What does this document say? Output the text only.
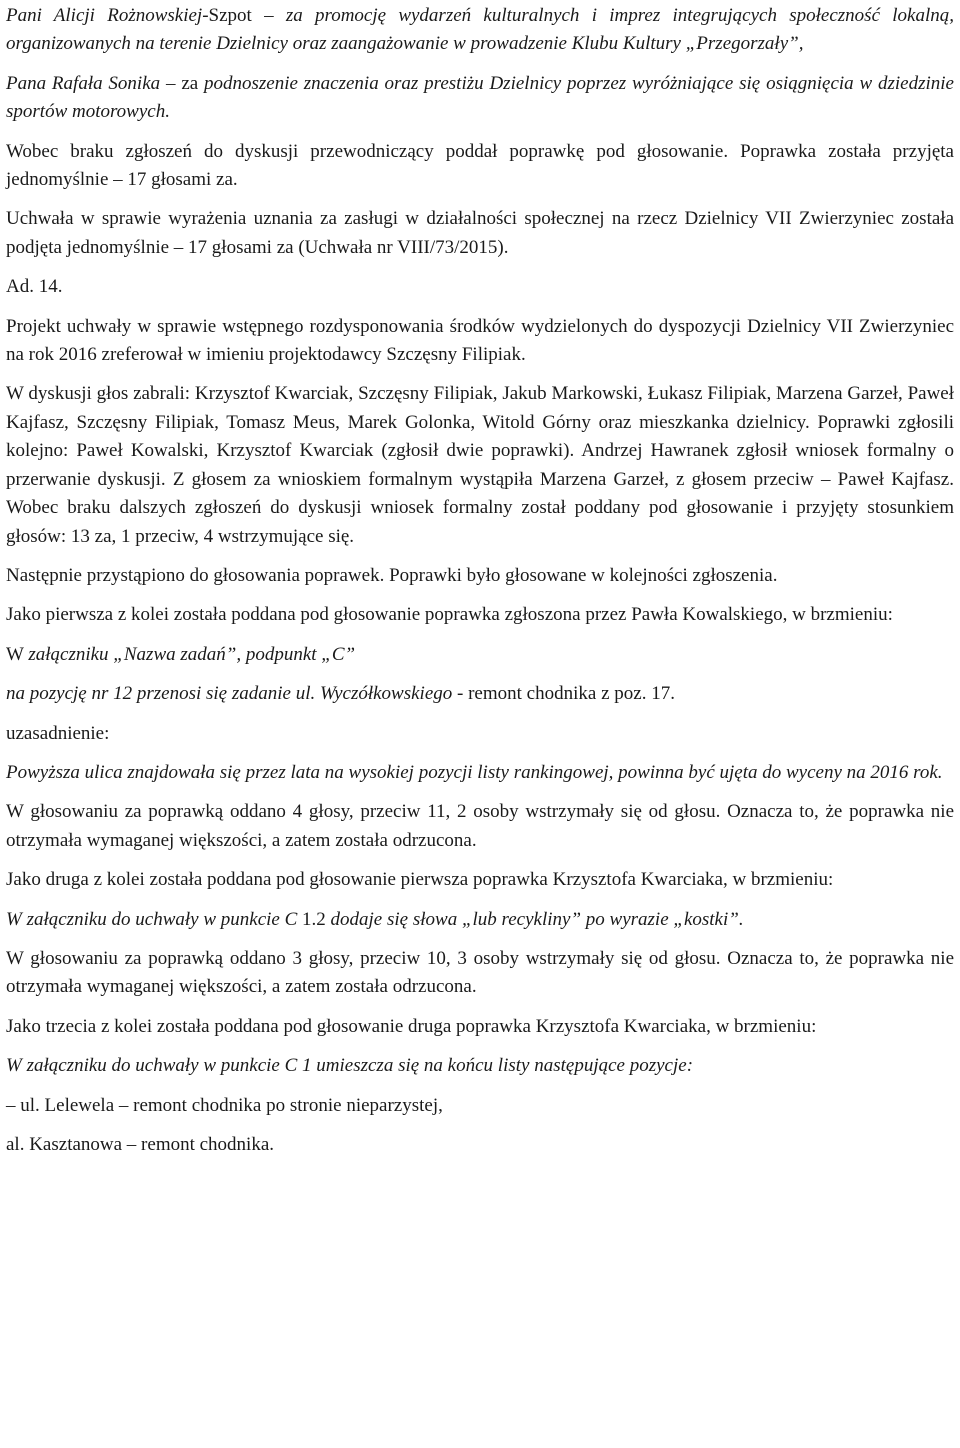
Pani Alicji Rożnowskiej-Szpot – za promocję wydarzeń kulturalnych i imprez integrujących społeczność lokalną, organizowanych na terenie Dzielnicy oraz zaangażowanie w prowadzenie Klubu Kultury „Przegorzały”,

Pana Rafała Sonika – za podnoszenie znaczenia oraz prestiżu Dzielnicy poprzez wyróżniające się osiągnięcia w dziedzinie sportów motorowych.

Wobec braku zgłoszeń do dyskusji przewodniczący poddał poprawkę pod głosowanie. Poprawka została przyjęta jednomyślnie – 17 głosami za.

Uchwała w sprawie wyrażenia uznania za zasługi w działalności społecznej na rzecz Dzielnicy VII Zwierzyniec została podjęta jednomyślnie – 17 głosami za (Uchwała nr VIII/73/2015).

Ad. 14.

Projekt uchwały w sprawie wstępnego rozdysponowania środków wydzielonych do dyspozycji Dzielnicy VII Zwierzyniec na rok 2016 zreferował w imieniu projektodawcy Szczęsny Filipiak.

W dyskusji głos zabrali: Krzysztof Kwarciak, Szczęsny Filipiak, Jakub Markowski, Łukasz Filipiak, Marzena Garzeł, Paweł Kajfasz, Szczęsny Filipiak, Tomasz Meus, Marek Golonka, Witold Górny oraz mieszkanka dzielnicy. Poprawki zgłosili kolejno: Paweł Kowalski, Krzysztof Kwarciak (zgłosił dwie poprawki). Andrzej Hawranek zgłosił wniosek formalny o przerwanie dyskusji. Z głosem za wnioskiem formalnym wystąpiła Marzena Garzeł, z głosem przeciw – Paweł Kajfasz. Wobec braku dalszych zgłoszeń do dyskusji wniosek formalny został poddany pod głosowanie i przyjęty stosunkiem głosów: 13 za, 1 przeciw, 4 wstrzymujące się.

Następnie przystąpiono do głosowania poprawek. Poprawki było głosowane w kolejności zgłoszenia.

Jako pierwsza z kolei została poddana pod głosowanie poprawka zgłoszona przez Pawła Kowalskiego, w brzmieniu:

W załączniku „Nazwa zadań”, podpunkt „C”

na pozycję nr 12 przenosi się zadanie ul. Wyczółkowskiego - remont chodnika z poz. 17.

uzasadnienie:

Powyższa ulica znajdowała się przez lata na wysokiej pozycji listy rankingowej, powinna być ujęta do wyceny na 2016 rok.

W głosowaniu za poprawką oddano 4 głosy, przeciw 11, 2 osoby wstrzymały się od głosu. Oznacza to, że poprawka nie otrzymała wymaganej większości, a zatem została odrzucona.

Jako druga z kolei została poddana pod głosowanie pierwsza poprawka Krzysztofa Kwarciaka, w brzmieniu:

W załączniku do uchwały w punkcie C 1.2 dodaje się słowa „lub recykliny” po wyrazie „kostki”.

W głosowaniu za poprawką oddano 3 głosy, przeciw 10, 3 osoby wstrzymały się od głosu. Oznacza to, że poprawka nie otrzymała wymaganej większości, a zatem została odrzucona.

Jako trzecia z kolei została poddana pod głosowanie druga poprawka Krzysztofa Kwarciaka, w brzmieniu:

W załączniku do uchwały w punkcie C 1 umieszcza się na końcu listy następujące pozycje:

– ul. Lelewela – remont chodnika po stronie nieparzystej,

al. Kasztanowa – remont chodnika.
